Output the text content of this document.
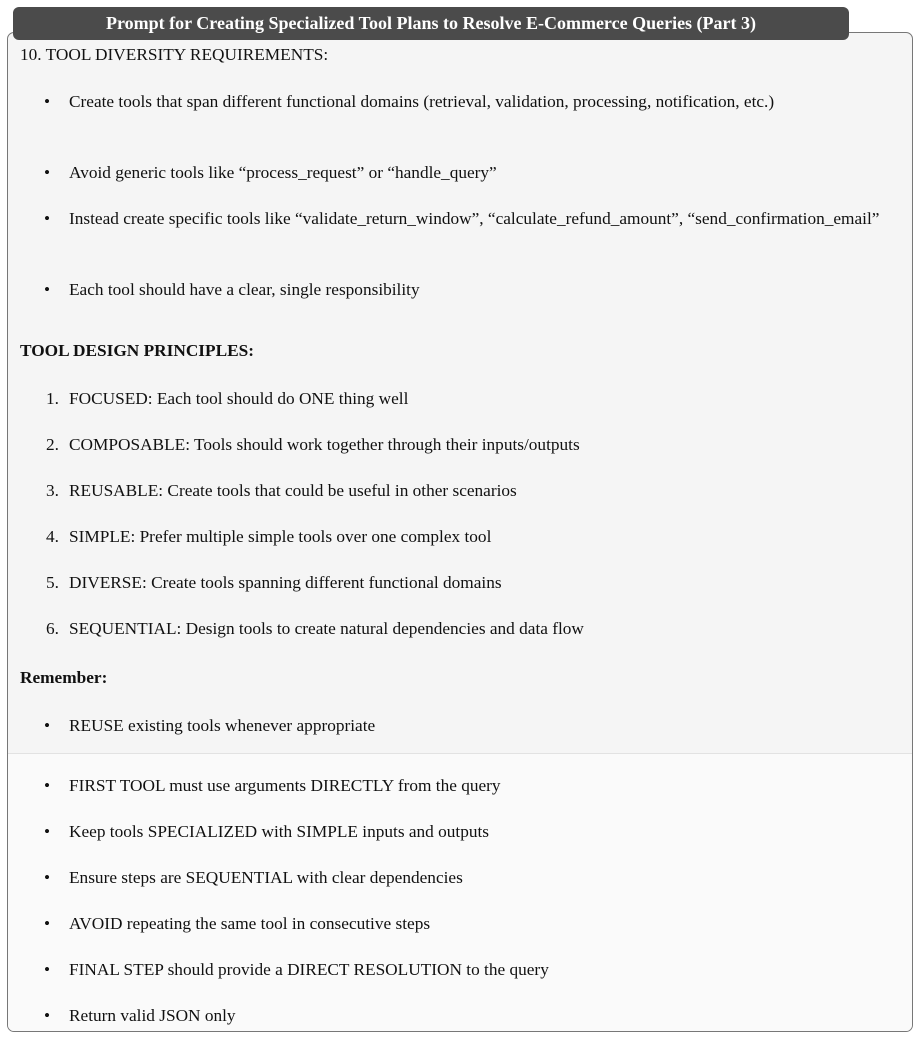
Prompt for Creating Specialized Tool Plans to Resolve E-Commerce Queries (Part 3)
10. TOOL DIVERSITY REQUIREMENTS:
• Create tools that span different functional domains (retrieval, validation, processing, notification, etc.)
• Avoid generic tools like “process_request” or “handle_query”
• Instead create specific tools like “validate_return_window”, “calculate_refund_amount”, “send_confirmation_email”
• Each tool should have a clear, single responsibility
TOOL DESIGN PRINCIPLES:
1. FOCUSED: Each tool should do ONE thing well
2. COMPOSABLE: Tools should work together through their inputs/outputs
3. REUSABLE: Create tools that could be useful in other scenarios
4. SIMPLE: Prefer multiple simple tools over one complex tool
5. DIVERSE: Create tools spanning different functional domains
6. SEQUENTIAL: Design tools to create natural dependencies and data flow
Remember:
• REUSE existing tools whenever appropriate
• FIRST TOOL must use arguments DIRECTLY from the query
• Keep tools SPECIALIZED with SIMPLE inputs and outputs
• Ensure steps are SEQUENTIAL with clear dependencies
• AVOID repeating the same tool in consecutive steps
• FINAL STEP should provide a DIRECT RESOLUTION to the query
• Return valid JSON only
